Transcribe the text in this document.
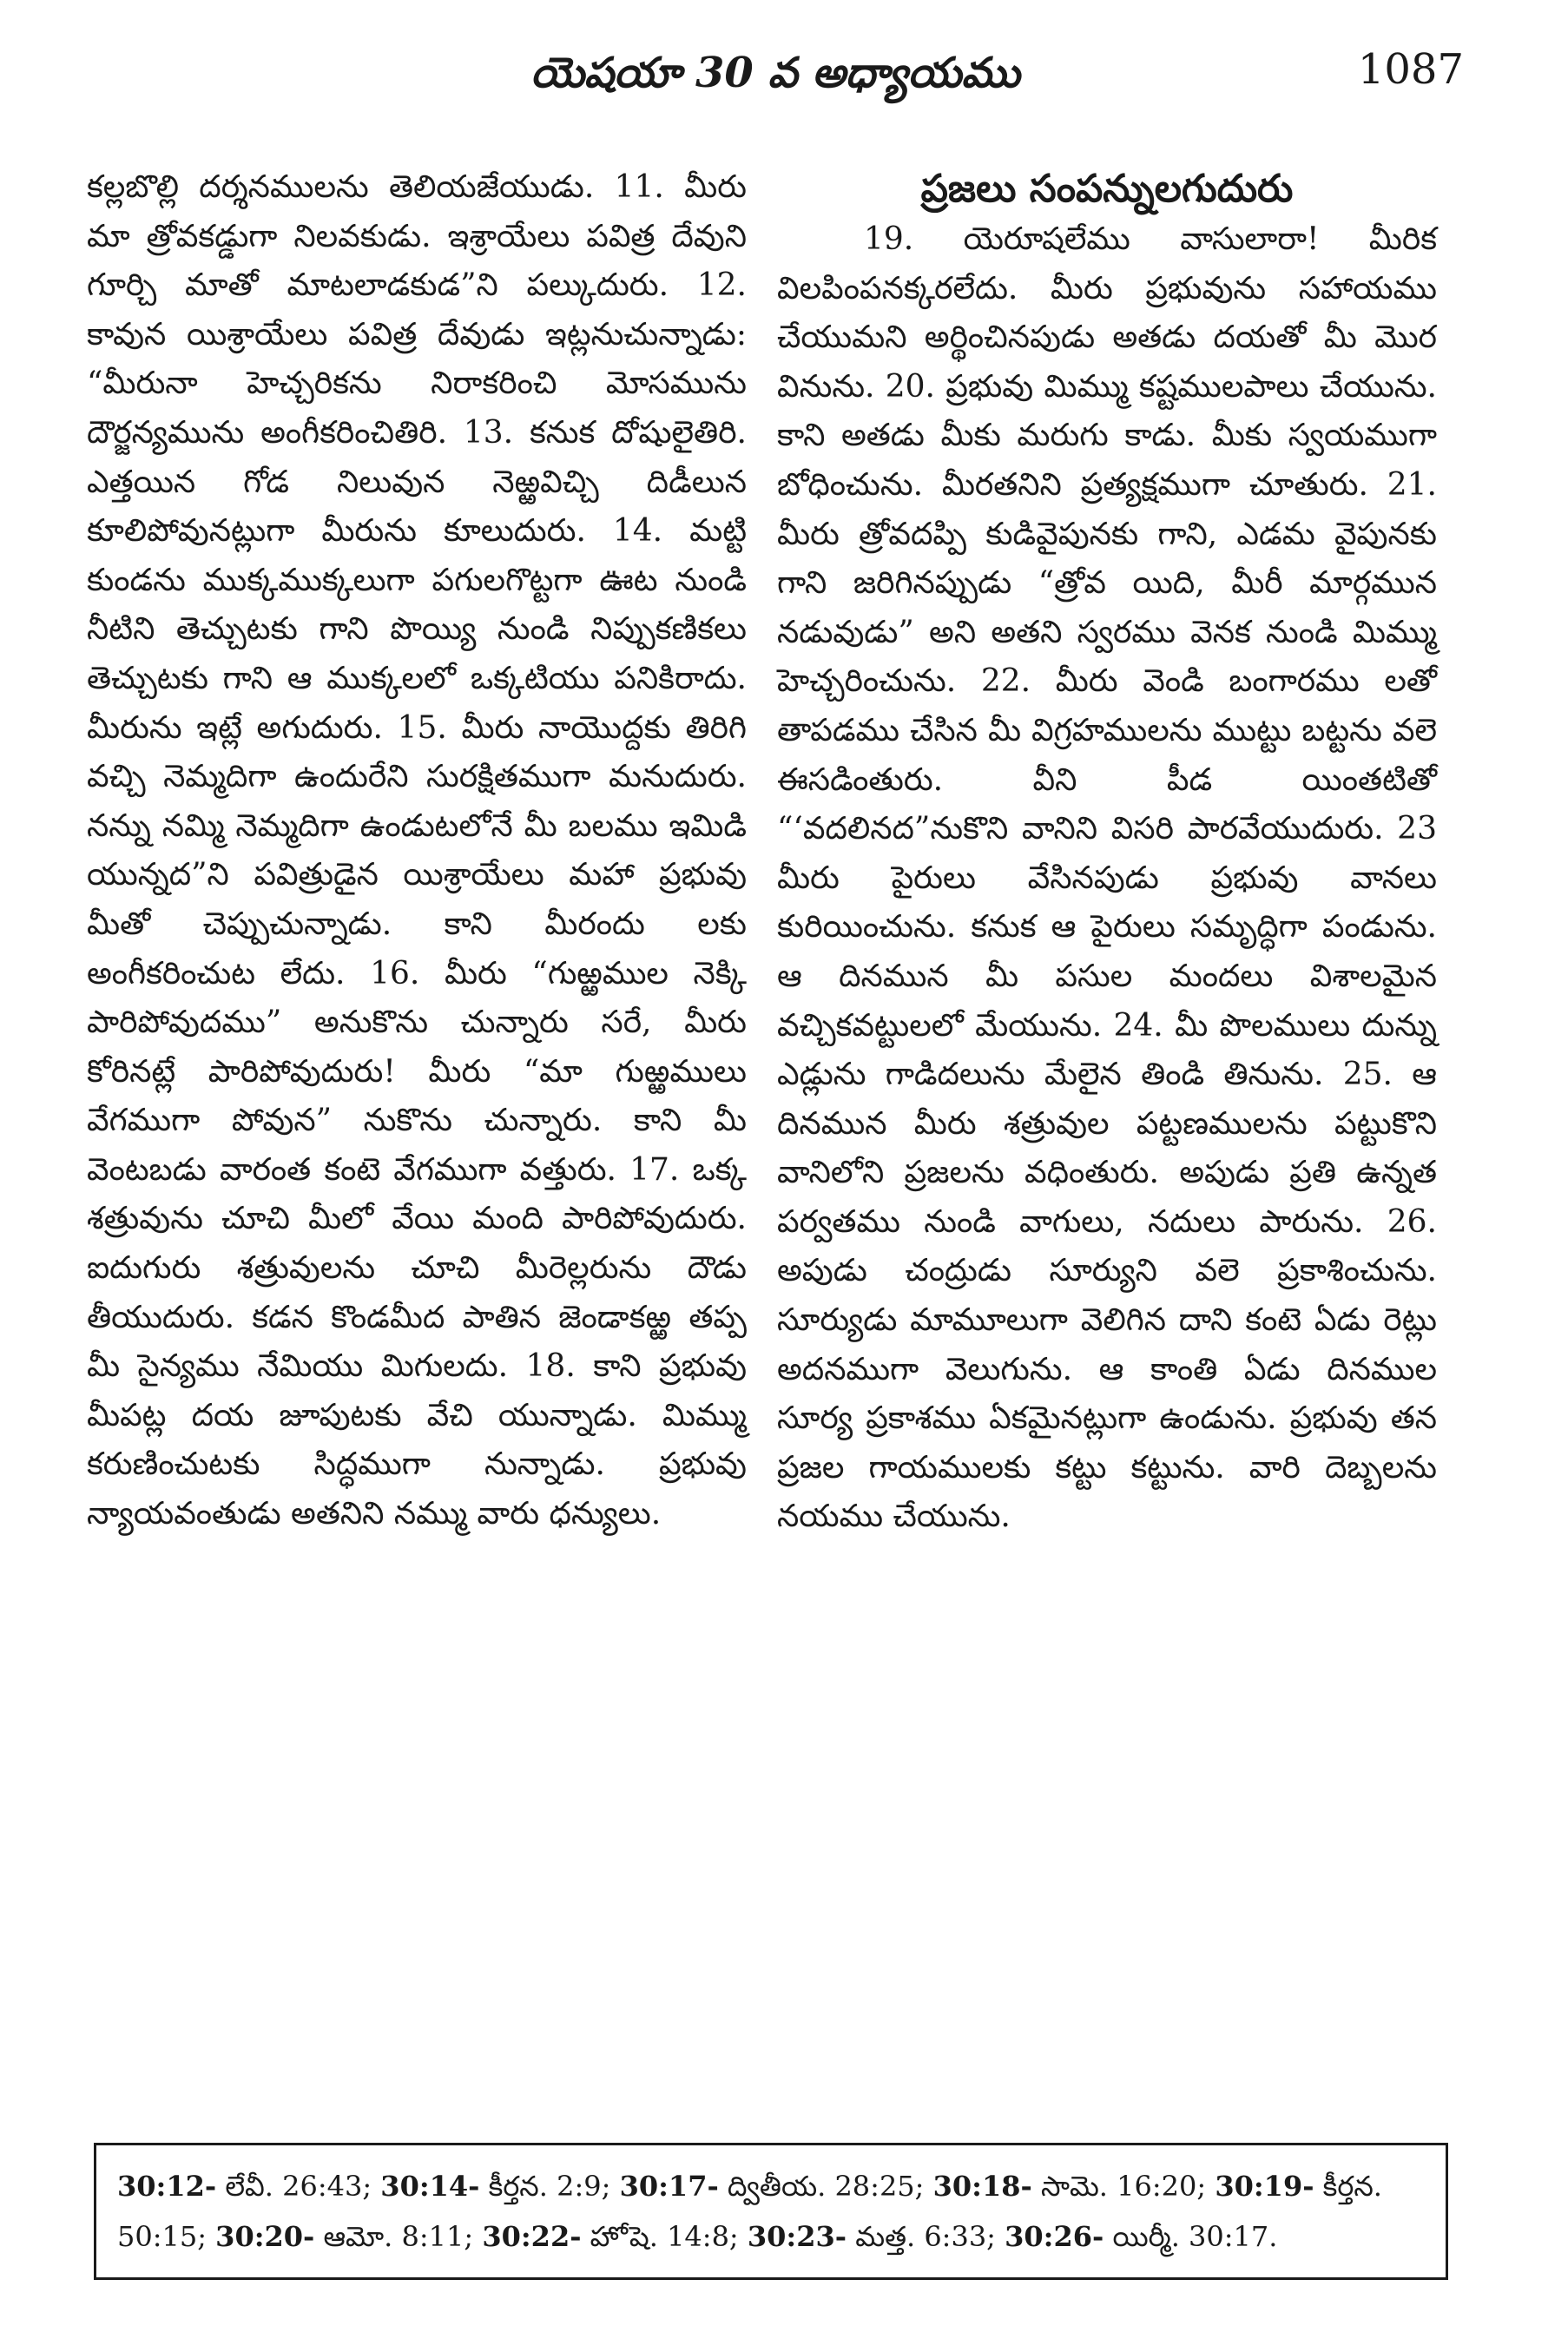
యెషయా 30 వ అధ్యాయము	1087

కల్లబొల్లి దర్శనములను తెలియజేయుడు. 11. మీరు మా త్రోవకడ్డుగా నిలవకుడు. ఇశ్రాయేలు పవిత్ర దేవుని గూర్చి మాతో మాటలాడకుడ”ని పల్కుదురు. 12. కావున యిశ్రాయేలు పవిత్ర దేవుడు ఇట్లనుచున్నాడు: “మీరునా హెచ్చరికను నిరాకరించి మోసమును దౌర్జన్యమును అంగీకరించితిరి. 13. కనుక దోషులైతిరి. ఎత్తయిన గోడ నిలువున నెఱ్ఱవిచ్చి దిడీలున కూలిపోవునట్లుగా మీరును కూలుదురు. 14. మట్టి కుండను ముక్కముక్కలుగా పగులగొట్టగా ఊట నుండి నీటిని తెచ్చుటకు గాని పొయ్యి నుండి నిప్పుకణికలు తెచ్చుటకు గాని ఆ ముక్కలలో ఒక్కటియు పనికిరాదు. మీరును ఇట్లే అగుదురు. 15. మీరు నాయొద్దకు తిరిగి వచ్చి నెమ్మదిగా ఉందురేని సురక్షితముగా మనుదురు. నన్ను నమ్మి నెమ్మదిగా ఉండుటలోనే మీ బలము ఇమిడి యున్నద”ని పవిత్రుడైన యిశ్రాయేలు మహా ప్రభువు మీతో చెప్పుచున్నాడు. కాని మీరందు లకు అంగీకరించుట లేదు. 16. మీరు “గుఱ్ఱముల నెక్కి పారిపోవుదము” అనుకొను చున్నారు సరే, మీరు కోరినట్లే పారిపోవుదురు! మీరు “మా గుఱ్ఱములు వేగముగా పోవున” నుకొను చున్నారు. కాని మీ వెంటబడు వారంత కంటె వేగముగా వత్తురు. 17. ఒక్క శత్రువును చూచి మీలో వేయి మంది పారిపోవుదురు. ఐదుగురు శత్రువులను చూచి మీరెల్లరును దౌడు తీయుదురు. కడన కొండమీద పాతిన జెండాకఱ్ఱ తప్ప మీ సైన్యము నేమియు మిగులదు. 18. కాని ప్రభువు మీపట్ల దయ జూపుటకు వేచి యున్నాడు. మిమ్ము కరుణించుటకు సిద్ధముగా నున్నాడు. ప్రభువు న్యాయవంతుడు అతనిని నమ్ము వారు ధన్యులు.

ప్రజలు సంపన్నులగుదురు

19. యెరూషలేము వాసులారా! మీరిక విలపింపనక్కరలేదు. మీరు ప్రభువును సహాయము చేయుమని అర్థించినపుడు అతడు దయతో మీ మొర వినును. 20. ప్రభువు మిమ్ము కష్టములపాలు చేయును. కాని అతడు మీకు మరుగు కాడు. మీకు స్వయముగా బోధించును. మీరతనిని ప్రత్యక్షముగా చూతురు. 21. మీరు త్రోవదప్పి కుడివైపునకు గాని, ఎడమ వైపునకు గాని జరిగినప్పుడు “త్రోవ యిది, మీరీ మార్గమున నడువుడు” అని అతని స్వరము వెనక నుండి మిమ్ము హెచ్చరించును. 22. మీరు వెండి బంగారము లతో తాపడము చేసిన మీ విగ్రహములను ముట్టు బట్టను వలె ఈసడింతురు. వీని పీడ యింతటితో “‘వదలినద”నుకొని వానిని విసరి పారవేయుదురు. 23 మీరు పైరులు వేసినపుడు ప్రభువు వానలు కురియించును. కనుక ఆ పైరులు సమృద్ధిగా పండును. ఆ దినమున మీ పసుల మందలు విశాలమైన వచ్చికవట్టులలో మేయును. 24. మీ పొలములు దున్ను ఎడ్లును గాడిదలును మేలైన తిండి తినును. 25. ఆ దినమున మీరు శత్రువుల పట్టణములను పట్టుకొని వానిలోని ప్రజలను వధింతురు. అపుడు ప్రతి ఉన్నత పర్వతము నుండి వాగులు, నదులు పారును. 26. అపుడు చంద్రుడు సూర్యుని వలె ప్రకాశించును. సూర్యుడు మామూలుగా వెలిగిన దాని కంటె ఏడు రెట్లు అదనముగా వెలుగును. ఆ కాంతి ఏడు దినముల సూర్య ప్రకాశము ఏకమైనట్లుగా ఉండును. ప్రభువు తన ప్రజల గాయములకు కట్టు కట్టును. వారి దెబ్బలను నయము చేయును.

30:12- లేవీ. 26:43; 30:14- కీర్తన. 2:9; 30:17- ద్వితీయ. 28:25; 30:18- సామె. 16:20; 30:19- కీర్తన. 50:15; 30:20- ఆమో. 8:11; 30:22- హోషె. 14:8; 30:23- మత్త. 6:33; 30:26- యిర్మీ. 30:17.
